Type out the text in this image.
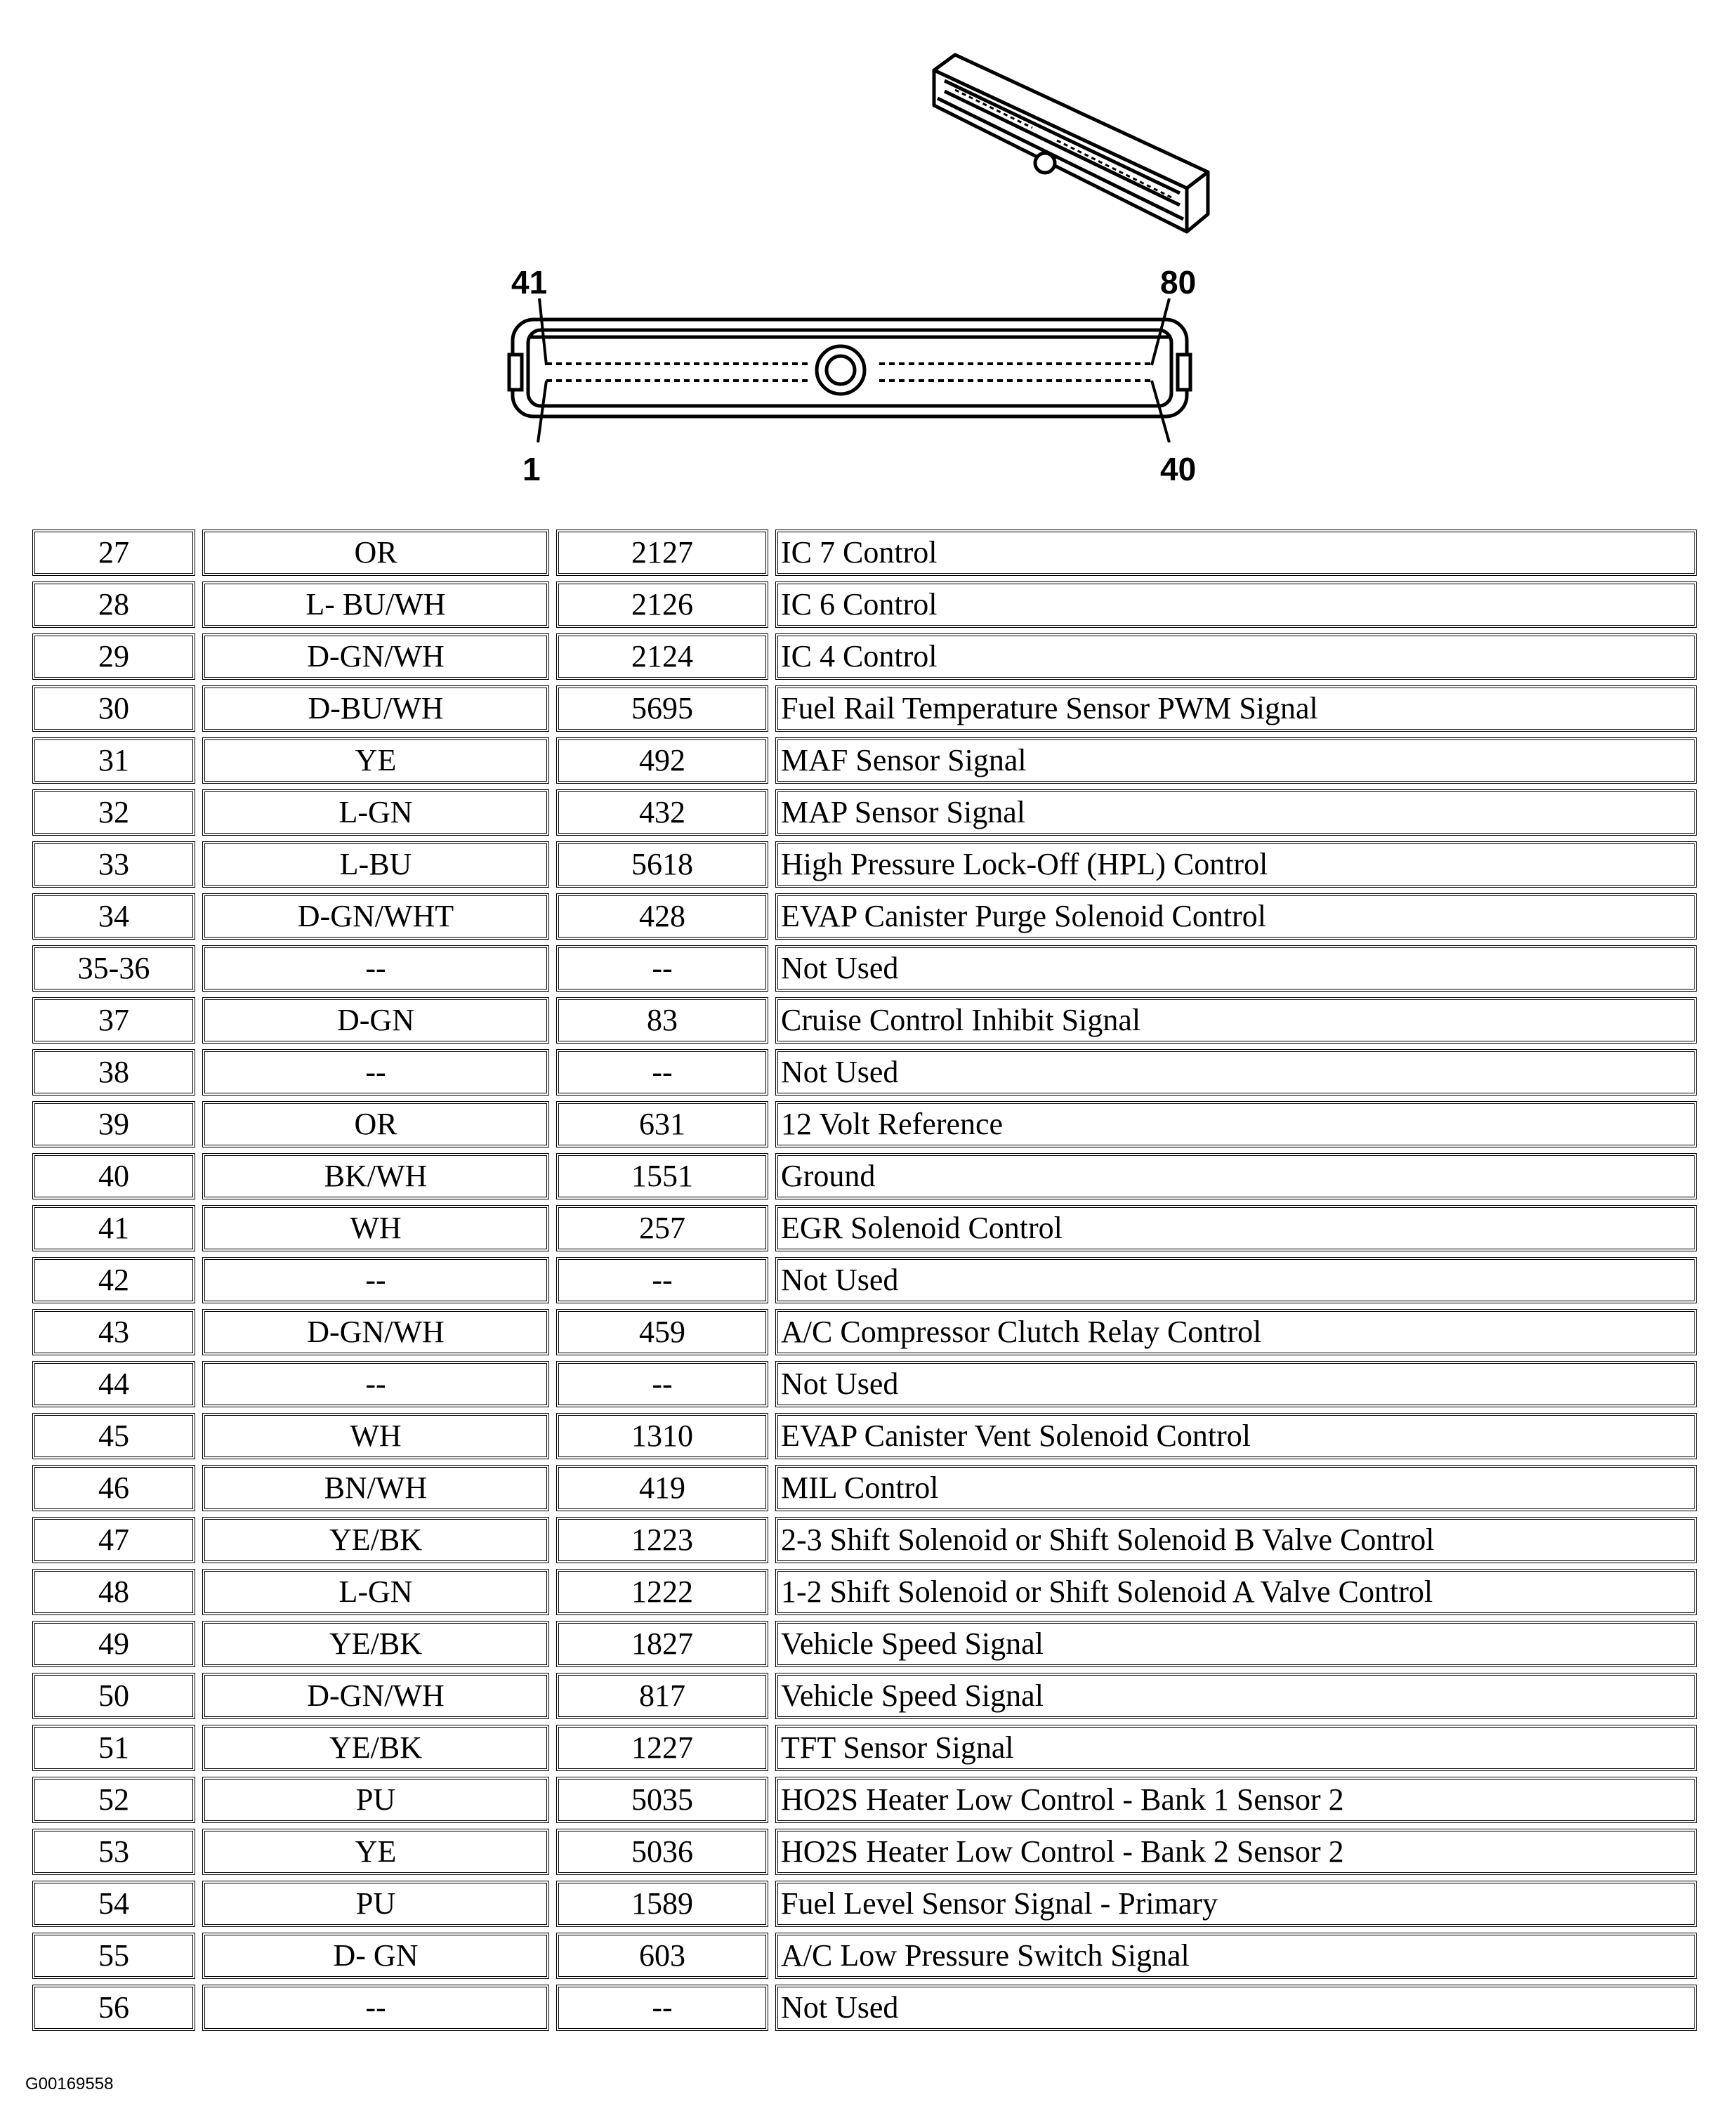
41	80
1	40
27	OR	2127	IC 7 Control
28	L- BU/WH	2126	IC 6 Control
29	D-GN/WH	2124	IC 4 Control
30	D-BU/WH	5695	Fuel Rail Temperature Sensor PWM Signal
31	YE	492	MAF Sensor Signal
32	L-GN	432	MAP Sensor Signal
33	L-BU	5618	High Pressure Lock-Off (HPL) Control
34	D-GN/WHT	428	EVAP Canister Purge Solenoid Control
35-36	--	--	Not Used
37	D-GN	83	Cruise Control Inhibit Signal
38	--	--	Not Used
39	OR	631	12 Volt Reference
40	BK/WH	1551	Ground
41	WH	257	EGR Solenoid Control
42	--	--	Not Used
43	D-GN/WH	459	A/C Compressor Clutch Relay Control
44	--	--	Not Used
45	WH	1310	EVAP Canister Vent Solenoid Control
46	BN/WH	419	MIL Control
47	YE/BK	1223	2-3 Shift Solenoid or Shift Solenoid B Valve Control
48	L-GN	1222	1-2 Shift Solenoid or Shift Solenoid A Valve Control
49	YE/BK	1827	Vehicle Speed Signal
50	D-GN/WH	817	Vehicle Speed Signal
51	YE/BK	1227	TFT Sensor Signal
52	PU	5035	HO2S Heater Low Control - Bank 1 Sensor 2
53	YE	5036	HO2S Heater Low Control - Bank 2 Sensor 2
54	PU	1589	Fuel Level Sensor Signal - Primary
55	D- GN	603	A/C Low Pressure Switch Signal
56	--	--	Not Used
G00169558
